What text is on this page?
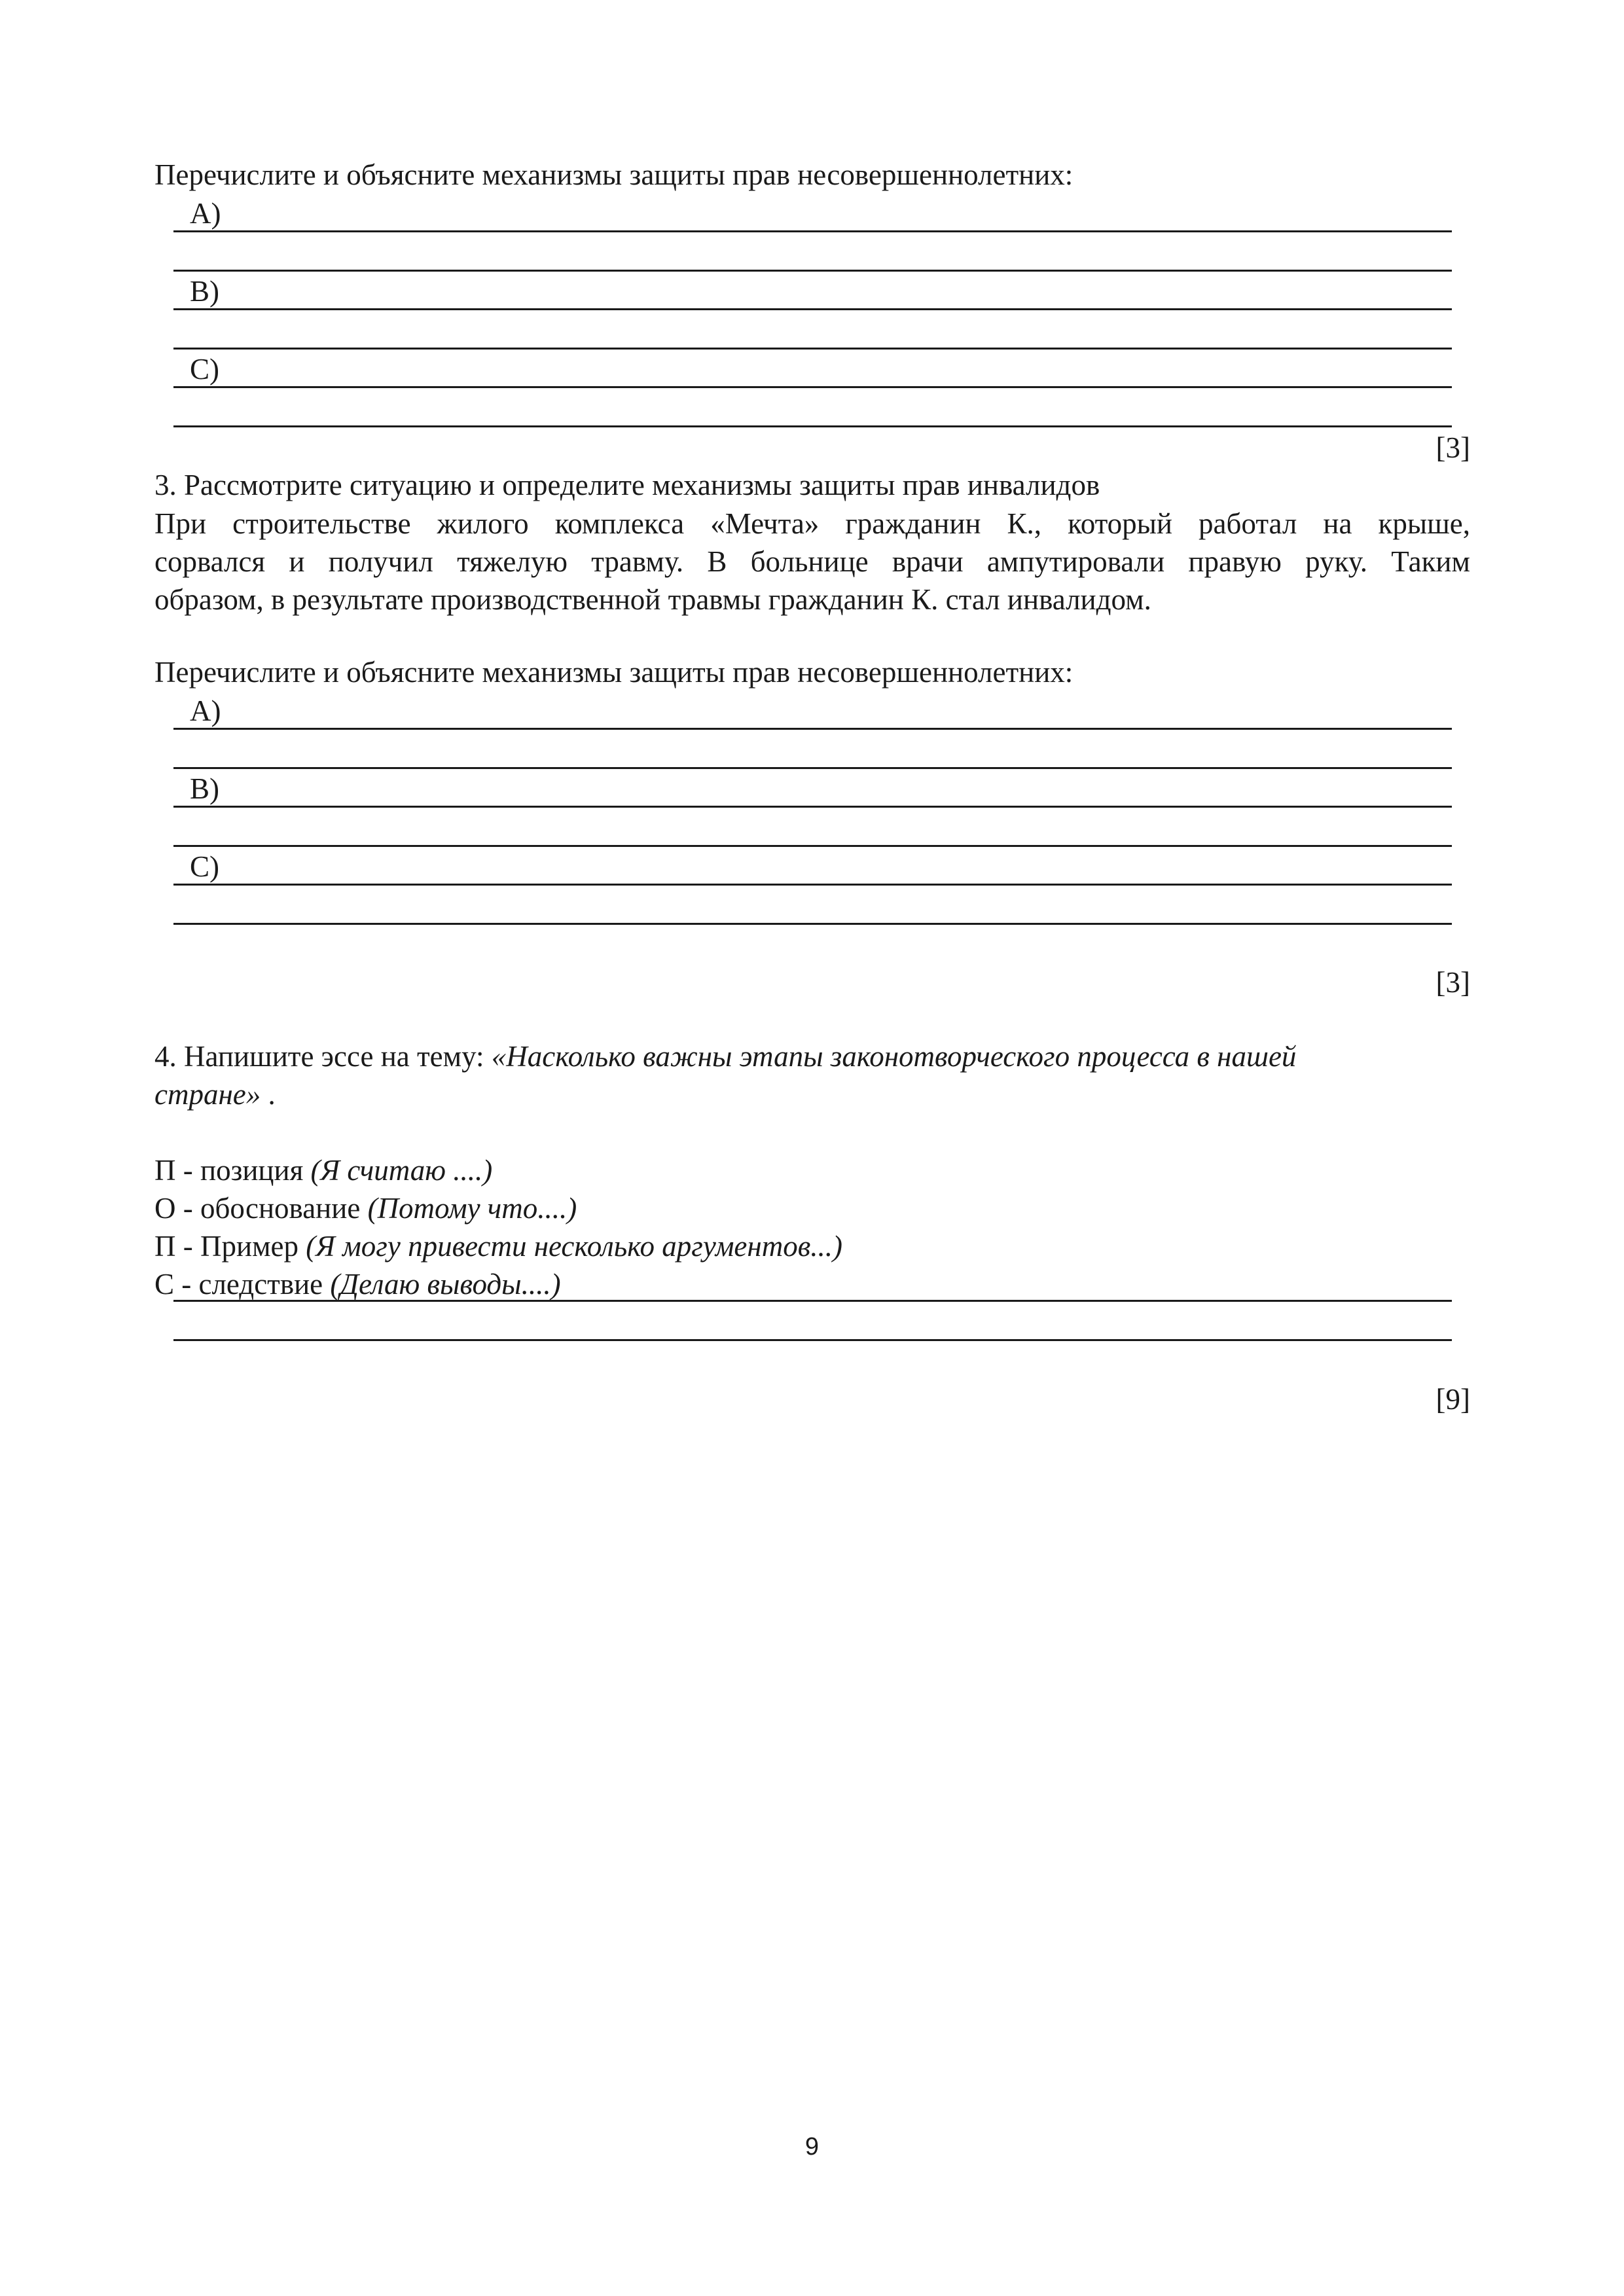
Перечислите и объясните механизмы защиты прав несовершеннолетних:
A)
B)
C)
[3]
3. Рассмотрите ситуацию и определите механизмы защиты прав инвалидов
При строительстве жилого комплекса «Мечта» гражданин К., который работал на крыше,
сорвался и получил тяжелую травму. В больнице врачи ампутировали правую руку. Таким
образом, в результате производственной травмы гражданин К. стал инвалидом.
Перечислите и объясните механизмы защиты прав несовершеннолетних:
A)
B)
C)
[3]
4. Напишите эссе на тему: «Насколько важны этапы законотворческого процесса в нашей
стране» .
П - позиция (Я считаю ....)
О - обоснование (Потому что....)
П - Пример (Я могу привести несколько аргументов...)
С - следствие (Делаю выводы....)
[9]
9
